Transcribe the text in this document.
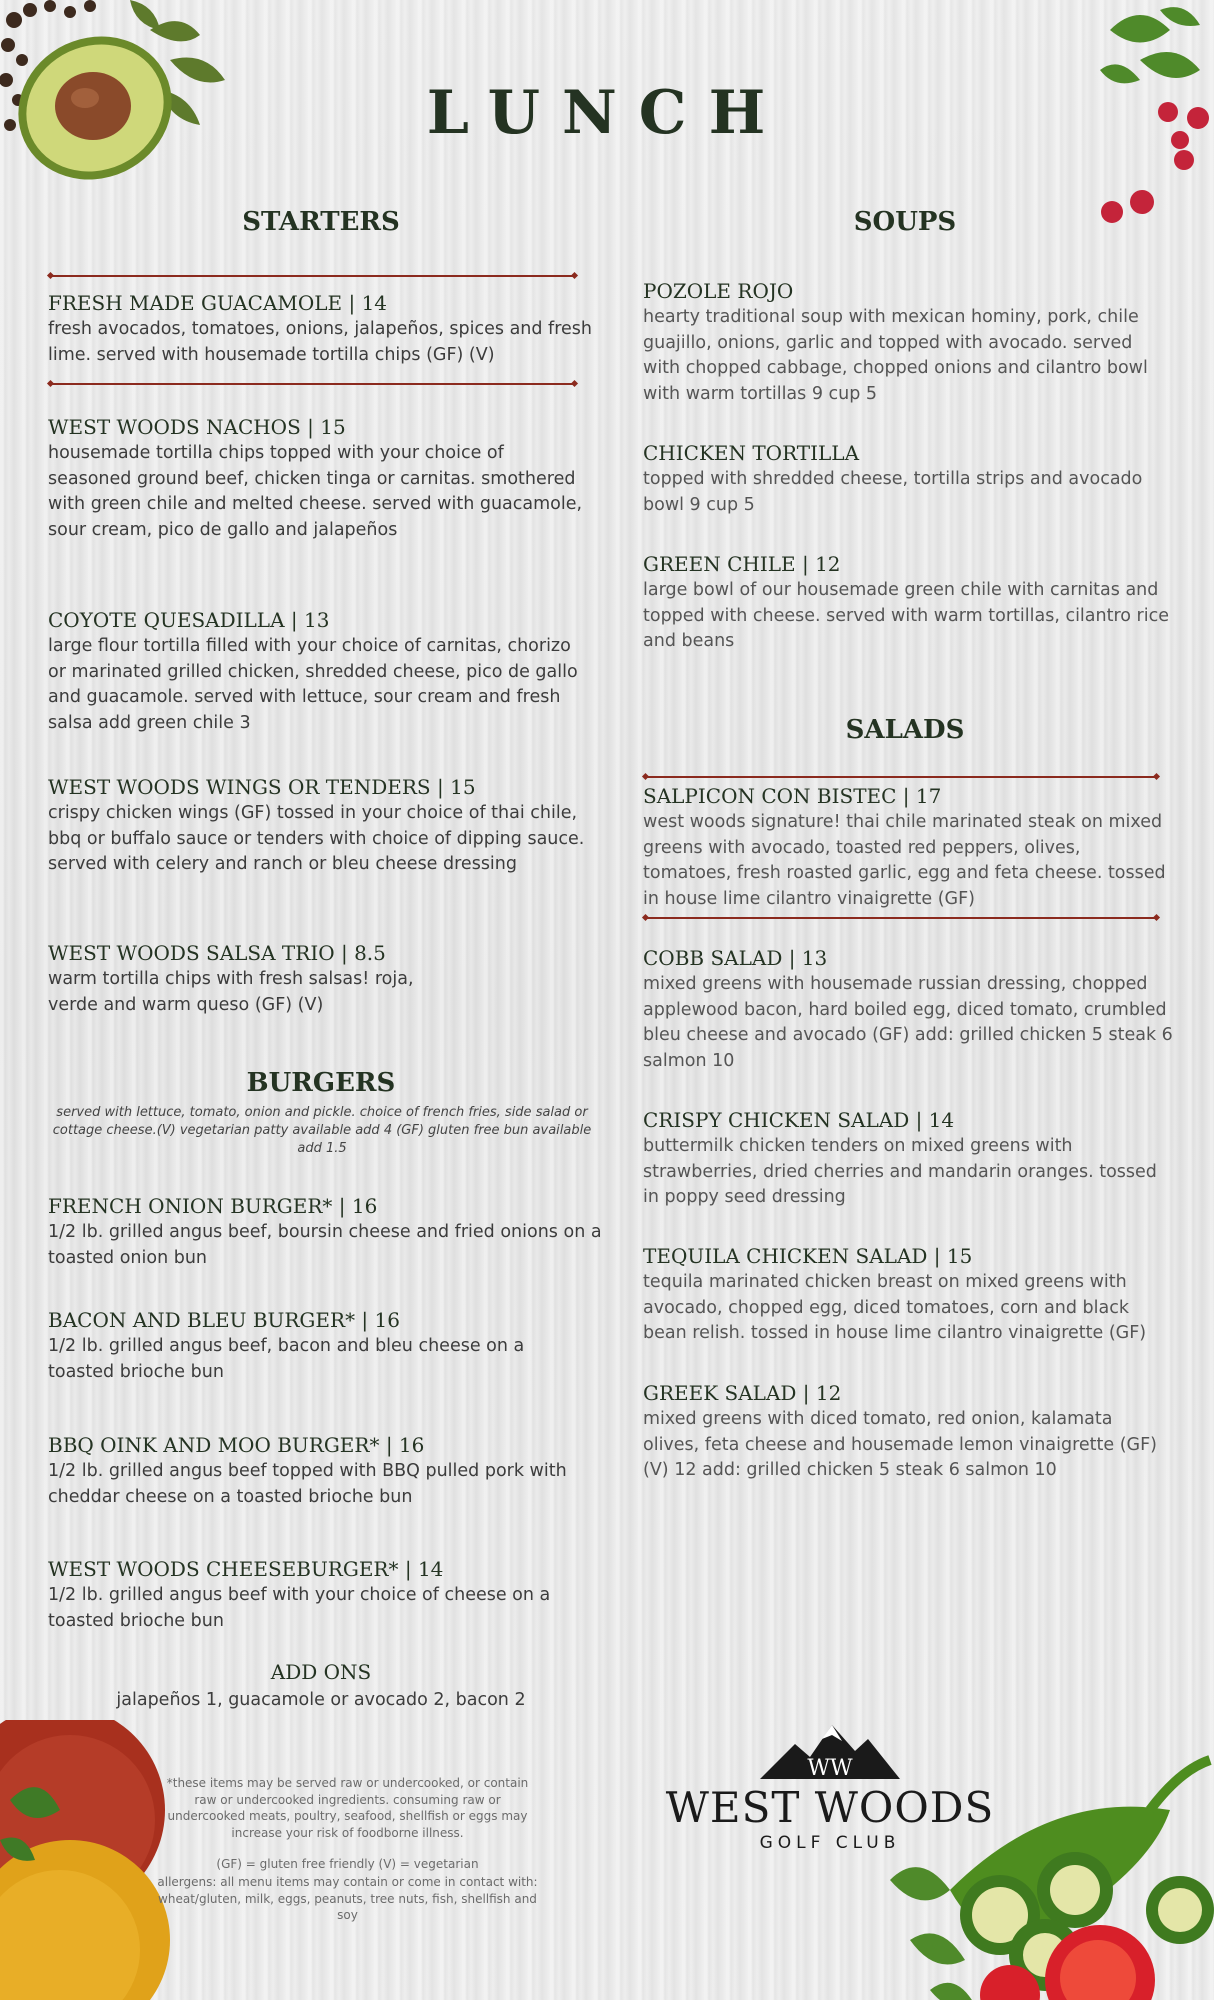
LUNCH
STARTERS

FRESH MADE GUACAMOLE | 14

fresh avocados, tomatoes, onions, jalapeños, spices and fresh lime. served with housemade tortilla chips (GF) (V)

WEST WOODS NACHOS | 15

housemade tortilla chips topped with your choice of seasoned ground beef, chicken tinga or carnitas. smothered with green chile and melted cheese. served with guacamole, sour cream, pico de gallo and jalapeños

COYOTE QUESADILLA | 13

large flour tortilla filled with your choice of carnitas, chorizo or marinated grilled chicken, shredded cheese, pico de gallo and guacamole. served with lettuce, sour cream and fresh salsa add green chile 3

WEST WOODS WINGS OR TENDERS | 15

crispy chicken wings (GF) tossed in your choice of thai chile, bbq or buffalo sauce or tenders with choice of dipping sauce. served with celery and ranch or bleu cheese dressing

WEST WOODS SALSA TRIO | 8.5

warm tortilla chips with fresh salsas! roja, verde and warm queso (GF) (V)

BURGERS

served with lettuce, tomato, onion and pickle. choice of french fries, side salad or cottage cheese.(V) vegetarian patty available add 4 (GF) gluten free bun available add 1.5

FRENCH ONION BURGER* | 16

1/2 lb. grilled angus beef, boursin cheese and fried onions on a toasted onion bun

BACON AND BLEU BURGER* | 16

1/2 lb. grilled angus beef, bacon and bleu cheese on a toasted brioche bun

BBQ OINK AND MOO BURGER* | 16

1/2 lb. grilled angus beef topped with BBQ pulled pork with cheddar cheese on a toasted brioche bun

WEST WOODS CHEESEBURGER* | 14

1/2 lb. grilled angus beef with your choice of cheese on a toasted brioche bun

ADD ONS

jalapeños 1, guacamole or avocado 2, bacon 2

*these items may be served raw or undercooked, or contain raw or undercooked ingredients. consuming raw or undercooked meats, poultry, seafood, shellfish or eggs may increase your risk of foodborne illness.

(GF) = gluten free friendly (V) = vegetarian

allergens: all menu items may contain or come in contact with: wheat/gluten, milk, eggs, peanuts, tree nuts, fish, shellfish and soy

SOUPS

POZOLE ROJO

hearty traditional soup with mexican hominy, pork, chile guajillo, onions, garlic and topped with avocado. served with chopped cabbage, chopped onions and cilantro bowl with warm tortillas 9 cup 5

CHICKEN TORTILLA

topped with shredded cheese, tortilla strips and avocado bowl 9 cup 5

GREEN CHILE | 12

large bowl of our housemade green chile with carnitas and topped with cheese. served with warm tortillas, cilantro rice and beans

SALADS

SALPICON CON BISTEC | 17

west woods signature! thai chile marinated steak on mixed greens with avocado, toasted red peppers, olives, tomatoes, fresh roasted garlic, egg and feta cheese. tossed in house lime cilantro vinaigrette (GF)

COBB SALAD | 13

mixed greens with housemade russian dressing, chopped applewood bacon, hard boiled egg, diced tomato, crumbled bleu cheese and avocado (GF) add: grilled chicken 5 steak 6 salmon 10

CRISPY CHICKEN SALAD | 14

buttermilk chicken tenders on mixed greens with strawberries, dried cherries and mandarin oranges. tossed in poppy seed dressing

TEQUILA CHICKEN SALAD | 15

tequila marinated chicken breast on mixed greens with avocado, chopped egg, diced tomatoes, corn and black bean relish. tossed in house lime cilantro vinaigrette (GF)

GREEK SALAD | 12

mixed greens with diced tomato, red onion, kalamata olives, feta cheese and housemade lemon vinaigrette (GF) (V) 12 add: grilled chicken 5 steak 6 salmon 10

WW
WEST WOODS
GOLF CLUB
